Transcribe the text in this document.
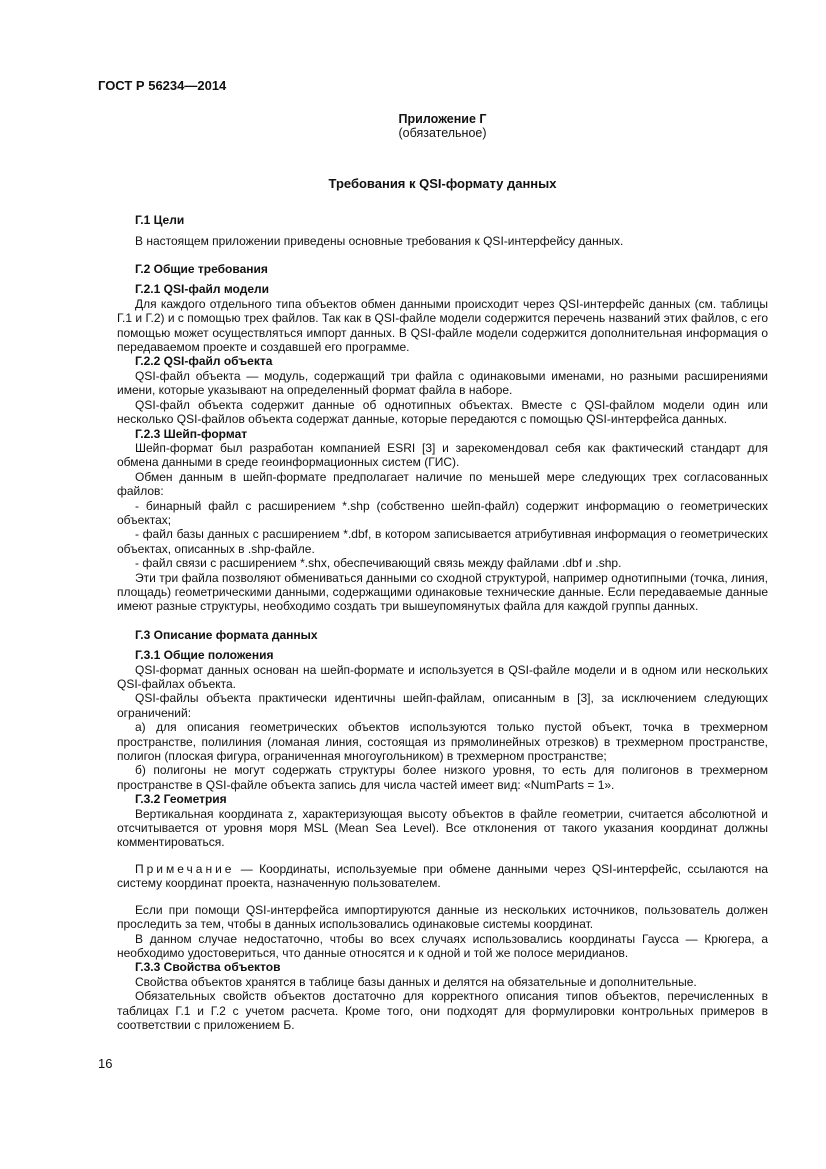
ГОСТ Р 56234—2014

Приложение Г

(обязательное)

Требования к QSI-формату данных

Г.1 Цели

В настоящем приложении приведены основные требования к QSI-интерфейсу данных.

Г.2 Общие требования

Г.2.1 QSI-файл модели

Для каждого отдельного типа объектов обмен данными происходит через QSI-интерфейс данных (см. таблицы Г.1 и Г.2) и с помощью трех файлов. Так как в QSI-файле модели содержится перечень названий этих файлов, с его помощью может осуществляться импорт данных. В QSI-файле модели содержится дополнительная информация о передаваемом проекте и создавшей его программе.

Г.2.2 QSI-файл объекта

QSI-файл объекта — модуль, содержащий три файла с одинаковыми именами, но разными расширениями имени, которые указывают на определенный формат файла в наборе.

QSI-файл объекта содержит данные об однотипных объектах. Вместе с QSI-файлом модели один или несколько QSI-файлов объекта содержат данные, которые передаются с помощью QSI-интерфейса данных.

Г.2.3 Шейп-формат

Шейп-формат был разработан компанией ESRI [3] и зарекомендовал себя как фактический стандарт для обмена данными в среде геоинформационных систем (ГИС).

Обмен данным в шейп-формате предполагает наличие по меньшей мере следующих трех согласованных файлов:

- бинарный файл с расширением *.shp (собственно шейп-файл) содержит информацию о геометрических объектах;

- файл базы данных с расширением *.dbf, в котором записывается атрибутивная информация о геометрических объектах, описанных в .shp-файле.

- файл связи с расширением *.shx, обеспечивающий связь между файлами .dbf и .shp.

Эти три файла позволяют обмениваться данными со сходной структурой, например однотипными (точка, линия, площадь) геометрическими данными, содержащими одинаковые технические данные. Если передаваемые данные имеют разные структуры, необходимо создать три вышеупомянутых файла для каждой группы данных.

Г.3 Описание формата данных

Г.3.1 Общие положения

QSI-формат данных основан на шейп-формате и используется в QSI-файле модели и в одном или нескольких QSI-файлах объекта.

QSI-файлы объекта практически идентичны шейп-файлам, описанным в [3], за исключением следующих ограничений:

а) для описания геометрических объектов используются только пустой объект, точка в трехмерном пространстве, полилиния (ломаная линия, состоящая из прямолинейных отрезков) в трехмерном пространстве, полигон (плоская фигура, ограниченная многоугольником) в трехмерном пространстве;

б) полигоны не могут содержать структуры более низкого уровня, то есть для полигонов в трехмерном пространстве в QSI-файле объекта запись для числа частей имеет вид: «NumParts = 1».

Г.3.2 Геометрия

Вертикальная координата z, характеризующая высоту объектов в файле геометрии, считается абсолютной и отсчитывается от уровня моря MSL (Mean Sea Level). Все отклонения от такого указания координат должны комментироваться.

Примечание — Координаты, используемые при обмене данными через QSI-интерфейс, ссылаются на систему координат проекта, назначенную пользователем.

Если при помощи QSI-интерфейса импортируются данные из нескольких источников, пользователь должен проследить за тем, чтобы в данных использовались одинаковые системы координат.

В данном случае недостаточно, чтобы во всех случаях использовались координаты Гаусса — Крюгера, а необходимо удостовериться, что данные относятся и к одной и той же полосе меридианов.

Г.3.3 Свойства объектов

Свойства объектов хранятся в таблице базы данных и делятся на обязательные и дополнительные.

Обязательных свойств объектов достаточно для корректного описания типов объектов, перечисленных в таблицах Г.1 и Г.2 с учетом расчета. Кроме того, они подходят для формулировки контрольных примеров в соответствии с приложением Б.

16
